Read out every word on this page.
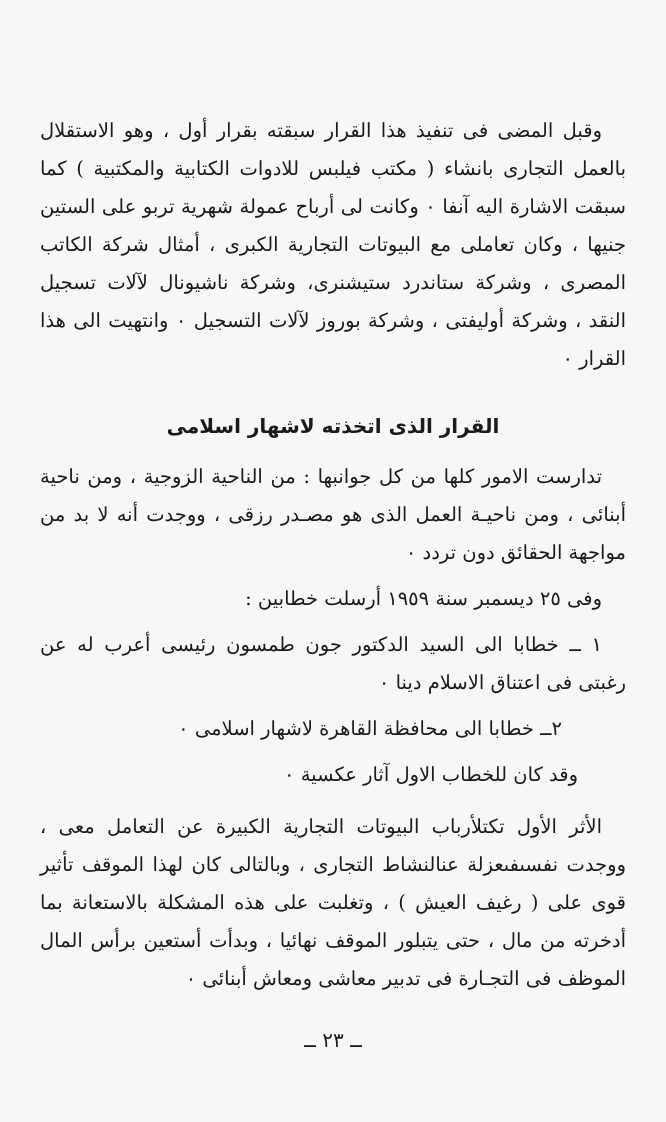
وقبل المضى فى تنفيذ هذا القرار سبقته بقرار أول ، وهو الاستقلال بالعمل التجارى بانشاء ( مكتب فيلبس للادوات الكتابية والمكتبية ) كما سبقت الاشارة اليه آنفا ٠ وكانت لى أرباح عمولة شهرية تربو على الستين جنيها ، وكان تعاملى مع البيوتات التجارية الكبرى ، أمثال شركة الكاتب المصرى ، وشركة ستاندرد ستيشنرى، وشركة ناشيونال لآلات تسجيل النقد ، وشركة أوليفتى ، وشركة بوروز لآلات التسجيل ٠ وانتهيت الى هذا القرار ٠

القرار الذى اتخذته لاشهار اسلامى

تدارست الامور كلها من كل جوانبها : من الناحية الزوجية ، ومن ناحية أبنائى ، ومن ناحيـة العمل الذى هو مصـدر رزقى ، ووجدت أنه لا بد من مواجهة الحقائق دون تردد ٠

وفى ٢٥ ديسمبر سنة ١٩٥٩ أرسلت خطابين :

١ ــ خطابا الى السيد الدكتور جون طمسون رئيسى أعرب له عن رغبتى فى اعتناق الاسلام دينا ٠

٢ــ خطابا الى محافظة القاهرة لاشهار اسلامى ٠

وقد كان للخطاب الاول آثار عكسية ٠

الأثر الأول تكتلأرباب البيوتات التجارية الكبيرة عن التعامل معى ، ووجدت نفسىفىعزلة عنالنشاط التجارى ، وبالتالى كان لهذا الموقف تأثير قوى على ( رغيف العيش ) ، وتغلبت على هذه المشكلة بالاستعانة بما أدخرته من مال ، حتى يتبلور الموقف نهائيا ، وبدأت أستعين برأس المال الموظف فى التجـارة فى تدبير معاشى ومعاش أبنائى ٠

ــ ٢٣ ــ
